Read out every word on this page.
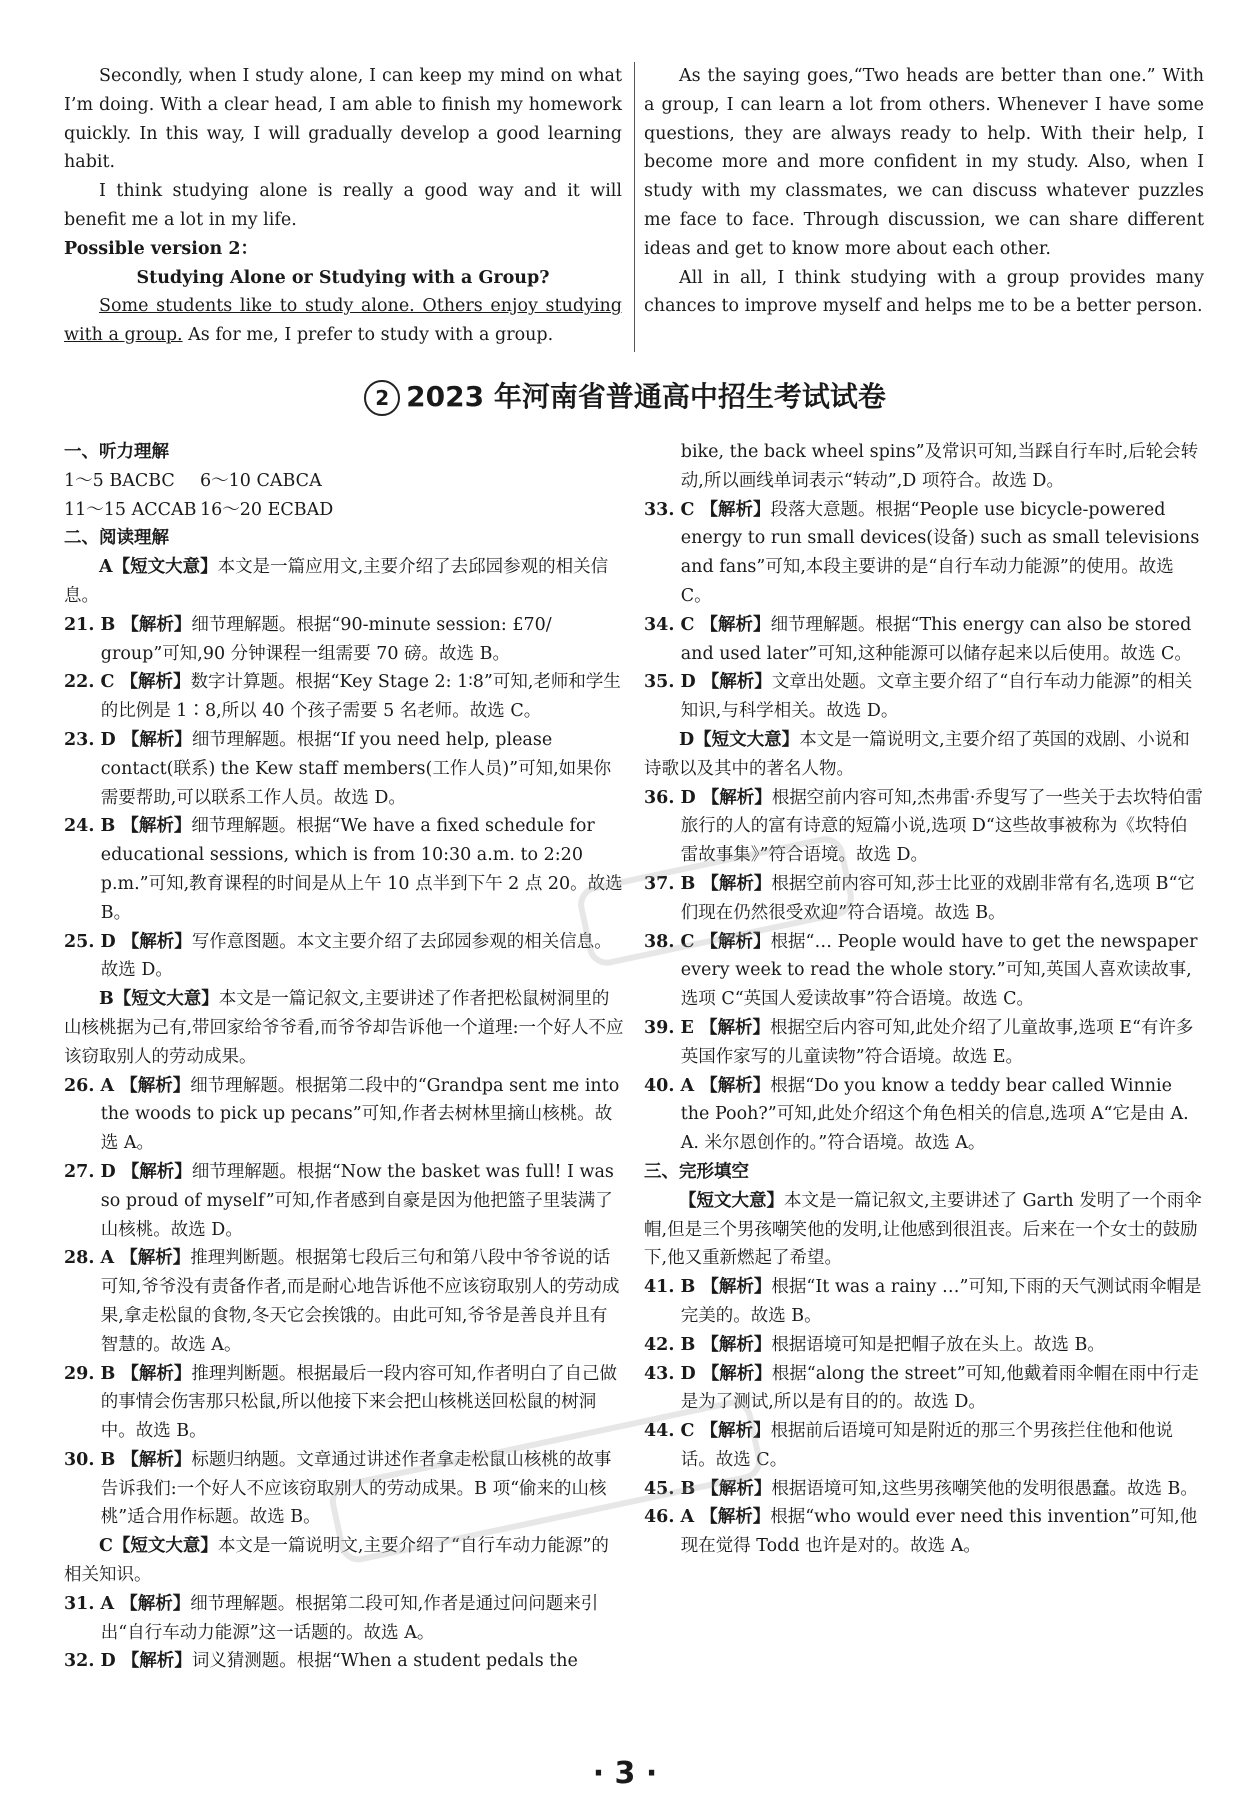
Secondly, when I study alone, I can keep my mind on what I’m doing. With a clear head, I am able to finish my homework quickly. In this way, I will gradually develop a good learning habit.

I think studying alone is really a good way and it will benefit me a lot in my life.

Possible version 2：

Studying Alone or Studying with a Group?

Some students like to study alone. Others enjoy studying with a group. As for me, I prefer to study with a group.

As the saying goes,“Two heads are better than one.” With a group, I can learn a lot from others. Whenever I have some questions, they are always ready to help. With their help, I become more and more confident in my study. Also, when I study with my classmates, we can discuss whatever puzzles me face to face. Through discussion, we can share different ideas and get to know more about each other.

All in all, I think studying with a group provides many chances to improve myself and helps me to be a better person.

2 2023 年河南省普通高中招生考试试卷

一、听力理解

1～5 BACBC 6～10 CABCA

11～15 ACCAB 16～20 ECBAD

二、阅读理解

A【短文大意】本文是一篇应用文,主要介绍了去邱园参观的相关信息。

21. B 【解析】细节理解题。根据“90-minute session: £70/ group”可知,90 分钟课程一组需要 70 磅。故选 B。

22. C 【解析】数字计算题。根据“Key Stage 2: 1∶8”可知,老师和学生的比例是 1∶8,所以 40 个孩子需要 5 名老师。故选 C。

23. D 【解析】细节理解题。根据“If you need help, please contact(联系) the Kew staff members(工作人员)”可知,如果你需要帮助,可以联系工作人员。故选 D。

24. B 【解析】细节理解题。根据“We have a fixed schedule for educational sessions, which is from 10:30 a.m. to 2:20 p.m.”可知,教育课程的时间是从上午 10 点半到下午 2 点 20。故选 B。

25. D 【解析】写作意图题。本文主要介绍了去邱园参观的相关信息。故选 D。

B【短文大意】本文是一篇记叙文,主要讲述了作者把松鼠树洞里的山核桃据为己有,带回家给爷爷看,而爷爷却告诉他一个道理:一个好人不应该窃取别人的劳动成果。

26. A 【解析】细节理解题。根据第二段中的“Grandpa sent me into the woods to pick up pecans”可知,作者去树林里摘山核桃。故选 A。

27. D 【解析】细节理解题。根据“Now the basket was full! I was so proud of myself”可知,作者感到自豪是因为他把篮子里装满了山核桃。故选 D。

28. A 【解析】推理判断题。根据第七段后三句和第八段中爷爷说的话可知,爷爷没有责备作者,而是耐心地告诉他不应该窃取别人的劳动成果,拿走松鼠的食物,冬天它会挨饿的。由此可知,爷爷是善良并且有智慧的。故选 A。

29. B 【解析】推理判断题。根据最后一段内容可知,作者明白了自己做的事情会伤害那只松鼠,所以他接下来会把山核桃送回松鼠的树洞中。故选 B。

30. B 【解析】标题归纳题。文章通过讲述作者拿走松鼠山核桃的故事告诉我们:一个好人不应该窃取别人的劳动成果。B 项“偷来的山核桃”适合用作标题。故选 B。

C【短文大意】本文是一篇说明文,主要介绍了“自行车动力能源”的相关知识。

31. A 【解析】细节理解题。根据第二段可知,作者是通过问问题来引出“自行车动力能源”这一话题的。故选 A。

32. D 【解析】词义猜测题。根据“When a student pedals the

bike, the back wheel spins”及常识可知,当踩自行车时,后轮会转动,所以画线单词表示“转动”,D 项符合。故选 D。

33. C 【解析】段落大意题。根据“People use bicycle-powered energy to run small devices(设备) such as small televisions and fans”可知,本段主要讲的是“自行车动力能源”的使用。故选 C。

34. C 【解析】细节理解题。根据“This energy can also be stored and used later”可知,这种能源可以储存起来以后使用。故选 C。

35. D 【解析】文章出处题。文章主要介绍了“自行车动力能源”的相关知识,与科学相关。故选 D。

D【短文大意】本文是一篇说明文,主要介绍了英国的戏剧、小说和诗歌以及其中的著名人物。

36. D 【解析】根据空前内容可知,杰弗雷·乔叟写了一些关于去坎特伯雷旅行的人的富有诗意的短篇小说,选项 D“这些故事被称为《坎特伯雷故事集》”符合语境。故选 D。

37. B 【解析】根据空前内容可知,莎士比亚的戏剧非常有名,选项 B“它们现在仍然很受欢迎”符合语境。故选 B。

38. C 【解析】根据“… People would have to get the newspaper every week to read the whole story.”可知,英国人喜欢读故事,选项 C“英国人爱读故事”符合语境。故选 C。

39. E 【解析】根据空后内容可知,此处介绍了儿童故事,选项 E“有许多英国作家写的儿童读物”符合语境。故选 E。

40. A 【解析】根据“Do you know a teddy bear called Winnie the Pooh?”可知,此处介绍这个角色相关的信息,选项 A“它是由 A. A. 米尔恩创作的。”符合语境。故选 A。

三、完形填空

【短文大意】本文是一篇记叙文,主要讲述了 Garth 发明了一个雨伞帽,但是三个男孩嘲笑他的发明,让他感到很沮丧。后来在一个女士的鼓励下,他又重新燃起了希望。

41. B 【解析】根据“It was a rainy …”可知,下雨的天气测试雨伞帽是完美的。故选 B。

42. B 【解析】根据语境可知是把帽子放在头上。故选 B。

43. D 【解析】根据“along the street”可知,他戴着雨伞帽在雨中行走是为了测试,所以是有目的的。故选 D。

44. C 【解析】根据前后语境可知是附近的那三个男孩拦住他和他说话。故选 C。

45. B 【解析】根据语境可知,这些男孩嘲笑他的发明很愚蠢。故选 B。

46. A 【解析】根据“who would ever need this invention”可知,他现在觉得 Todd 也许是对的。故选 A。

· 3 ·
